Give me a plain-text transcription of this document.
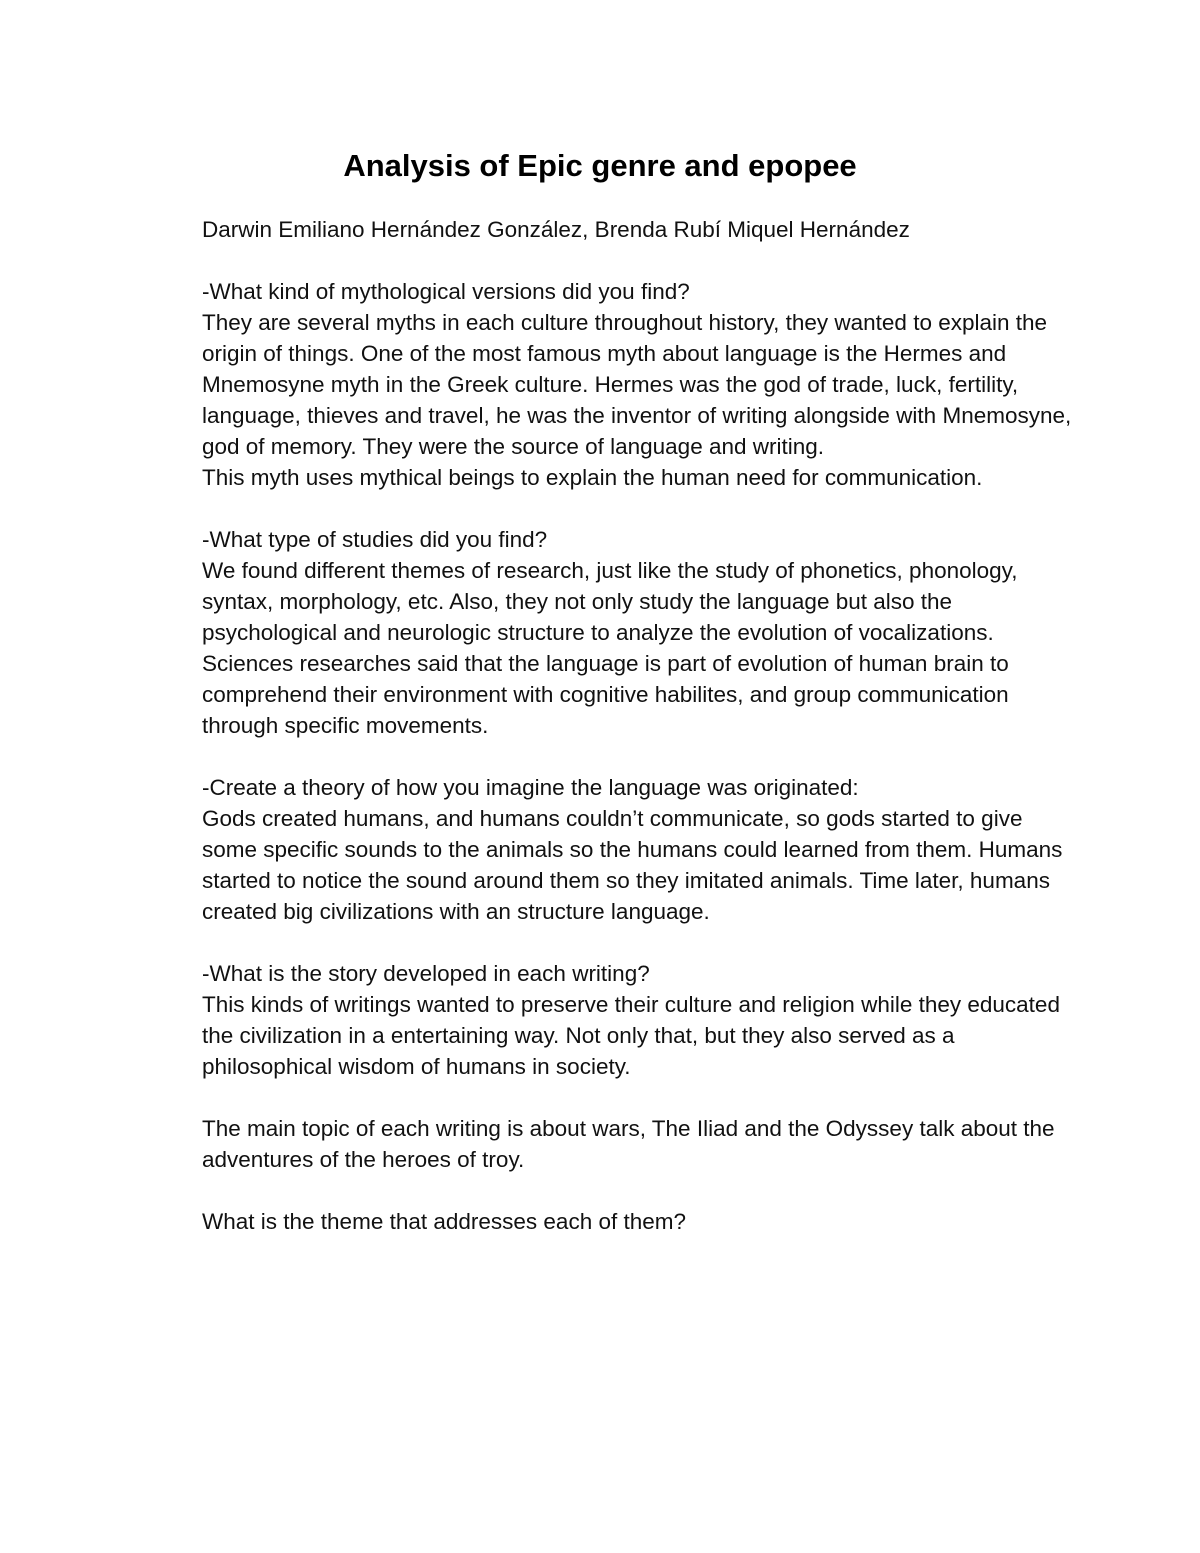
Analysis of Epic genre and epopee

Darwin Emiliano Hernández González, Brenda Rubí Miquel Hernández

-What kind of mythological versions did you find?

They are several myths in each culture throughout history, they wanted to explain the origin of things. One of the most famous myth about language is the Hermes and Mnemosyne myth in the Greek culture. Hermes was the god of trade, luck, fertility, language, thieves and travel, he was the inventor of writing alongside with Mnemosyne, god of memory. They were the source of language and writing.

This myth uses mythical beings to explain the human need for communication.

-What type of studies did you find?

We found different themes of research, just like the study of phonetics, phonology, syntax, morphology, etc. Also, they not only study the language but also the psychological and neurologic structure to analyze the evolution of vocalizations.

Sciences researches said that the language is part of evolution of human brain to comprehend their environment with cognitive habilites, and group communication through specific movements.

-Create a theory of how you imagine the language was originated:

Gods created humans, and humans couldn’t communicate, so gods started to give some specific sounds to the animals so the humans could learned from them. Humans started to notice the sound around them so they imitated animals. Time later, humans created big civilizations with an structure language.

-What is the story developed in each writing?

This kinds of writings wanted to preserve their culture and religion while they educated the civilization in a entertaining way. Not only that, but they also served as a philosophical wisdom of humans in society.

The main topic of each writing is about wars, The Iliad and the Odyssey talk about the adventures of the heroes of troy.

What is the theme that addresses each of them?
